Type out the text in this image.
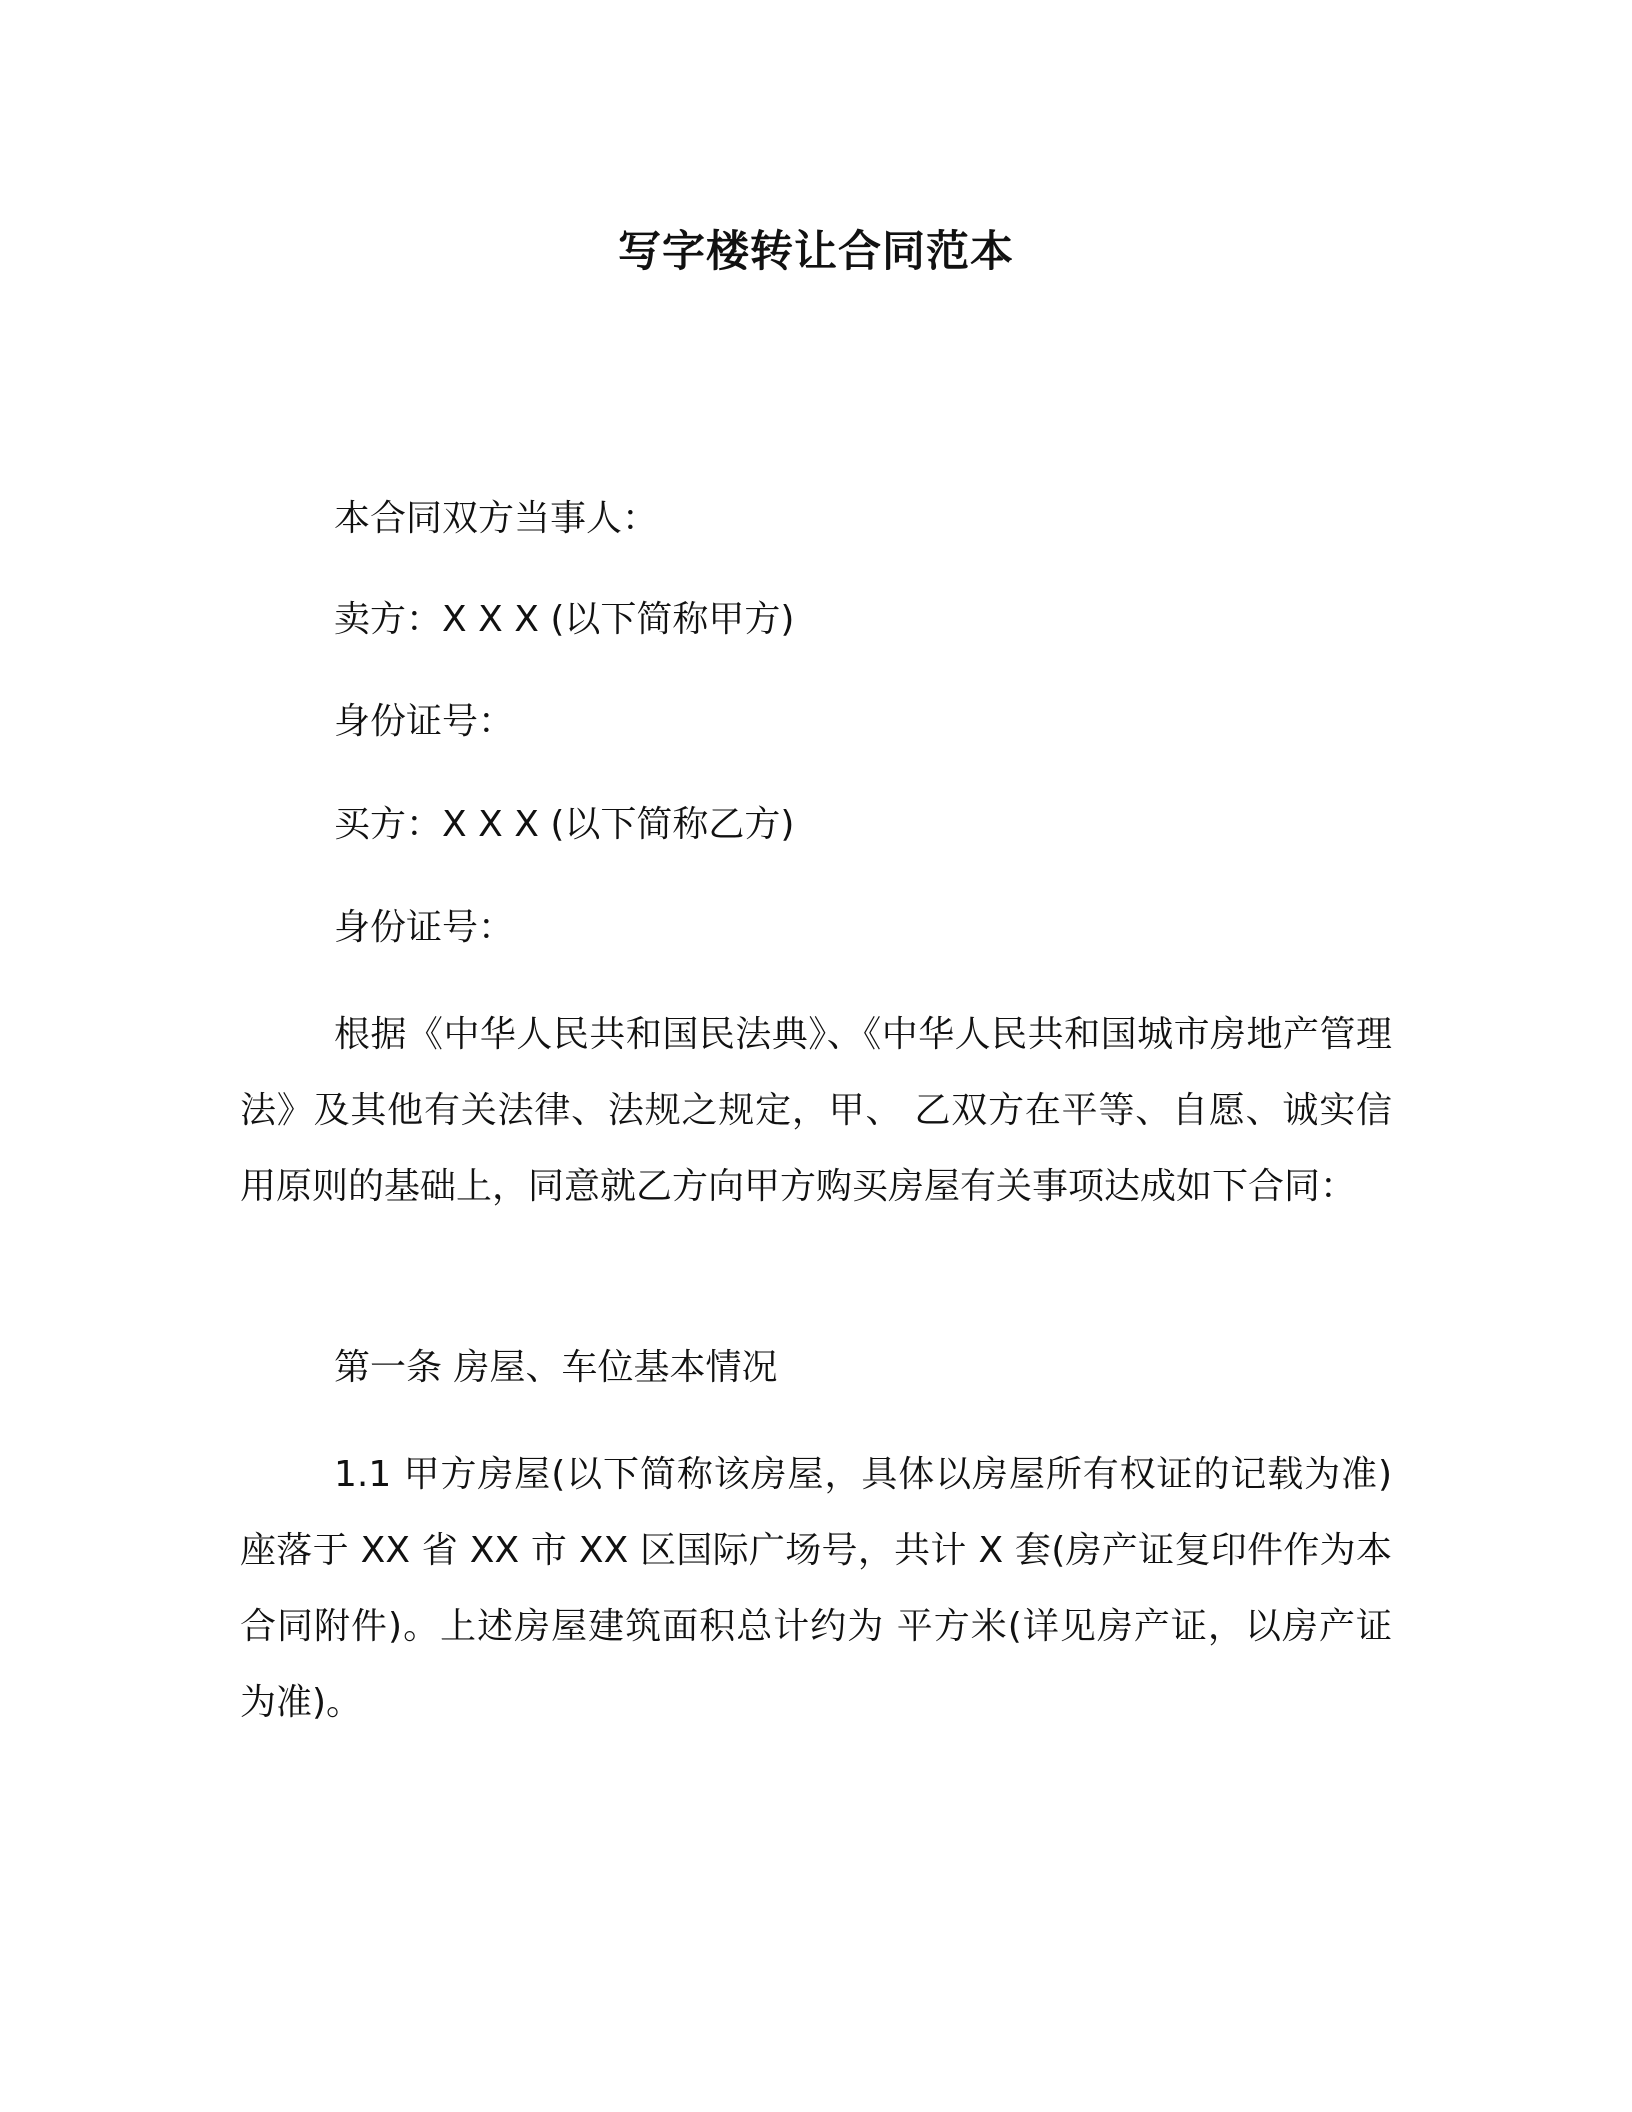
写字楼转让合同范本
本合同双方当事人：
卖方：X X X (以下简称甲方)
身份证号：
买方：X X X (以下简称乙方)
身份证号：
根据《中华人民共和国民法典》、《中华人民共和国城市房地产管理法》及其他有关法律、法规之规定，甲、 乙双方在平等、自愿、诚实信用原则的基础上，同意就乙方向甲方购买房屋有关事项达成如下合同：
第一条 房屋、车位基本情况
1.1 甲方房屋(以下简称该房屋，具体以房屋所有权证的记载为准)座落于 XX 省 XX 市 XX 区国际广场号，共计 X 套(房产证复印件作为本合同附件)。上述房屋建筑面积总计约为 平方米(详见房产证，以房产证为准)。
